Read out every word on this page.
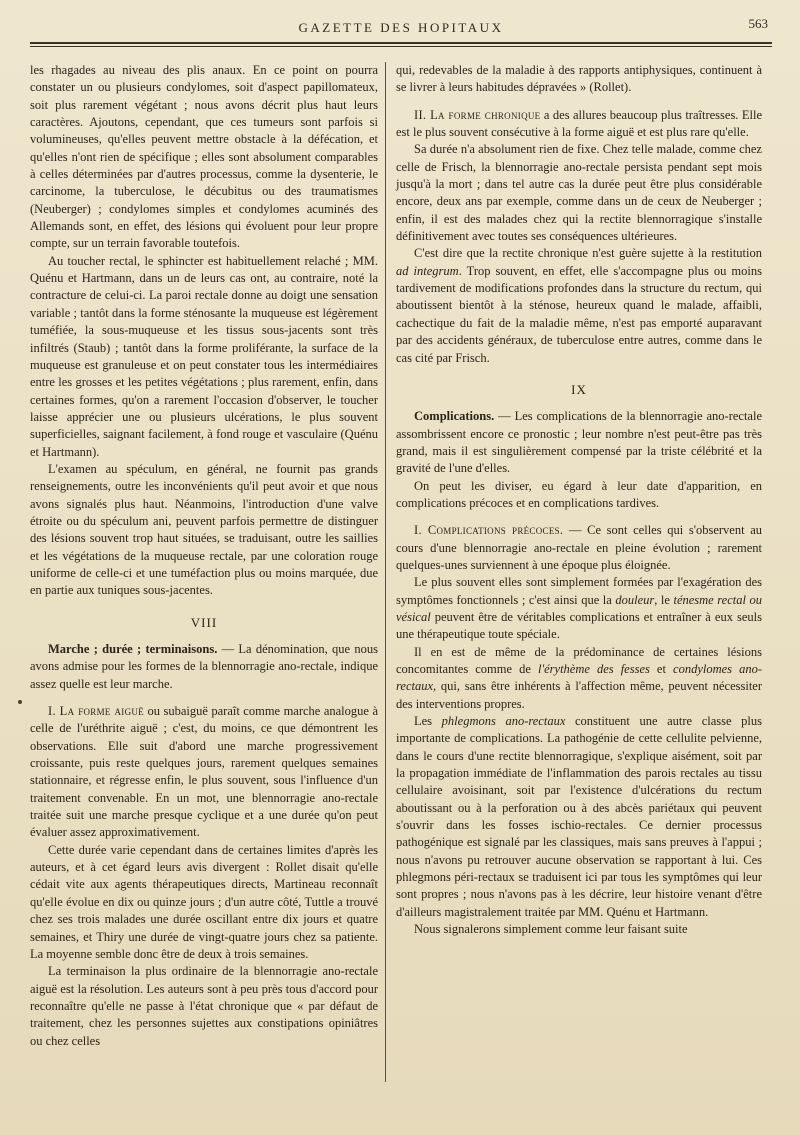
GAZETTE DES HOPITAUX	563

les rhagades au niveau des plis anaux. En ce point on pourra constater un ou plusieurs condylomes, soit d'aspect papillomateux, soit plus rarement végétant ; nous avons décrit plus haut leurs caractères. Ajoutons, cependant, que ces tumeurs sont parfois si volumineuses, qu'elles peuvent mettre obstacle à la défécation, et qu'elles n'ont rien de spécifique ; elles sont absolument comparables à celles déterminées par d'autres processus, comme la dysenterie, le carcinome, la tuberculose, le décubitus ou des traumatismes (Neuberger) ; condylomes simples et condylomes acuminés des Allemands sont, en effet, des lésions qui évoluent pour leur propre compte, sur un terrain favorable toutefois.

Au toucher rectal, le sphincter est habituellement relaché ; MM. Quénu et Hartmann, dans un de leurs cas ont, au contraire, noté la contracture de celui-ci. La paroi rectale donne au doigt une sensation variable ; tantôt dans la forme sténosante la muqueuse est légèrement tuméfiée, la sous-muqueuse et les tissus sous-jacents sont très infiltrés (Staub) ; tantôt dans la forme proliférante, la surface de la muqueuse est granuleuse et on peut constater tous les intermédiaires entre les grosses et les petites végétations ; plus rarement, enfin, dans certaines formes, qu'on a rarement l'occasion d'observer, le toucher laisse apprécier une ou plusieurs ulcérations, le plus souvent superficielles, saignant facilement, à fond rouge et vasculaire (Quénu et Hartmann).

L'examen au spéculum, en général, ne fournit pas grands renseignements, outre les inconvénients qu'il peut avoir et que nous avons signalés plus haut. Néanmoins, l'introduction d'une valve étroite ou du spéculum ani, peuvent parfois permettre de distinguer des lésions souvent trop haut situées, se traduisant, outre les saillies et les végétations de la muqueuse rectale, par une coloration rouge uniforme de celle-ci et une tuméfaction plus ou moins marquée, due en partie aux tuniques sous-jacentes.

VIII

Marche ; durée ; terminaisons. — La dénomination, que nous avons admise pour les formes de la blennorragie ano-rectale, indique assez quelle est leur marche.

I. La forme aiguë ou subaiguë paraît comme marche analogue à celle de l'uréthrite aiguë ; c'est, du moins, ce que démontrent les observations. Elle suit d'abord une marche progressivement croissante, puis reste quelques jours, rarement quelques semaines stationnaire, et régresse enfin, le plus souvent, sous l'influence d'un traitement convenable. En un mot, une blennorragie ano-rectale traitée suit une marche presque cyclique et a une durée qu'on peut évaluer assez approximativement.

Cette durée varie cependant dans de certaines limites d'après les auteurs, et à cet égard leurs avis divergent : Rollet disait qu'elle cédait vite aux agents thérapeutiques directs, Martineau reconnaît qu'elle évolue en dix ou quinze jours ; d'un autre côté, Tuttle a trouvé chez ses trois malades une durée oscillant entre dix jours et quatre semaines, et Thiry une durée de vingt-quatre jours chez sa patiente. La moyenne semble donc être de deux à trois semaines.

La terminaison la plus ordinaire de la blennorragie ano-rectale aiguë est la résolution. Les auteurs sont à peu près tous d'accord pour reconnaître qu'elle ne passe à l'état chronique que « par défaut de traitement, chez les personnes sujettes aux constipations opiniâtres ou chez celles

qui, redevables de la maladie à des rapports antiphysiques, continuent à se livrer à leurs habitudes dépravées » (Rollet).

II. La forme chronique a des allures beaucoup plus traîtresses. Elle est le plus souvent consécutive à la forme aiguë et est plus rare qu'elle.

Sa durée n'a absolument rien de fixe. Chez telle malade, comme chez celle de Frisch, la blennorragie ano-rectale persista pendant sept mois jusqu'à la mort ; dans tel autre cas la durée peut être plus considérable encore, deux ans par exemple, comme dans un de ceux de Neuberger ; enfin, il est des malades chez qui la rectite blennorragique s'installe définitivement avec toutes ses conséquences ultérieures.

C'est dire que la rectite chronique n'est guère sujette à la restitution ad integrum. Trop souvent, en effet, elle s'accompagne plus ou moins tardivement de modifications profondes dans la structure du rectum, qui aboutissent bientôt à la sténose, heureux quand le malade, affaibli, cachectique du fait de la maladie même, n'est pas emporté auparavant par des accidents généraux, de tuberculose entre autres, comme dans le cas cité par Frisch.

IX

Complications. — Les complications de la blennorragie ano-rectale assombrissent encore ce pronostic ; leur nombre n'est peut-être pas très grand, mais il est singulièrement compensé par la triste célébrité et la gravité de l'une d'elles.

On peut les diviser, eu égard à leur date d'apparition, en complications précoces et en complications tardives.

I. Complications précoces. — Ce sont celles qui s'observent au cours d'une blennorragie ano-rectale en pleine évolution ; rarement quelques-unes surviennent à une époque plus éloignée.

Le plus souvent elles sont simplement formées par l'exagération des symptômes fonctionnels ; c'est ainsi que la douleur, le ténesme rectal ou vésical peuvent être de véritables complications et entraîner à eux seuls une thérapeutique toute spéciale.

Il en est de même de la prédominance de certaines lésions concomitantes comme de l'érythème des fesses et condylomes ano-rectaux, qui, sans être inhérents à l'affection même, peuvent nécessiter des interventions propres.

Les phlegmons ano-rectaux constituent une autre classe plus importante de complications. La pathogénie de cette cellulite pelvienne, dans le cours d'une rectite blennorragique, s'explique aisément, soit par la propagation immédiate de l'inflammation des parois rectales au tissu cellulaire avoisinant, soit par l'existence d'ulcérations du rectum aboutissant ou à la perforation ou à des abcès pariétaux qui peuvent s'ouvrir dans les fosses ischio-rectales. Ce dernier processus pathogénique est signalé par les classiques, mais sans preuves à l'appui ; nous n'avons pu retrouver aucune observation se rapportant à lui. Ces phlegmons péri-rectaux se traduisent ici par tous les symptômes qui leur sont propres ; nous n'avons pas à les décrire, leur histoire venant d'être d'ailleurs magistralement traitée par MM. Quénu et Hartmann.

Nous signalerons simplement comme leur faisant suite
